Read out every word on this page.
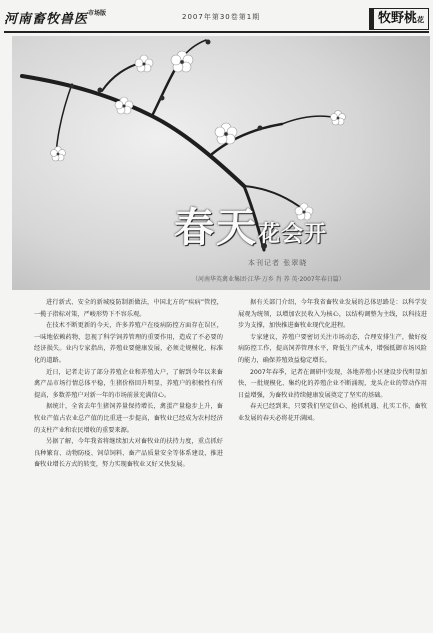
河南畜牧兽医$^{市场版}$	2007年第30卷第1期	牧野桃花
春天花会开
本刊记者 张翠晓
（河南华英禽业集团·江华·万乡 肖 养 英·2007年春日篇）

进行新式、安全的新城疫防制新做法，中国北方的“疾病”管控，一揽子指标对策，严峻形势下不容乐观。

在技术不断更新的今天，许多养殖户在疫病防控方面存在误区，一味地依赖药物，忽视了科学饲养管理的重要作用，造成了不必要的经济损失。业内专家指出，养殖业要健康发展，必须走规模化、标准化的道路。

近日，记者走访了部分养殖企业和养殖大户，了解到今年以来畜禽产品市场行情总体平稳，生猪价格回升明显，养殖户的积极性有所提高，多数养殖户对新一年的市场前景充满信心。

据统计，全省去年生猪饲养量保持增长，禽蛋产量稳步上升，畜牧业产值占农业总产值的比重进一步提高，畜牧业已经成为农村经济的支柱产业和农民增收的重要来源。

另据了解，今年我省将继续加大对畜牧业的扶持力度，重点抓好良种繁育、动物防疫、饲草饲料、畜产品质量安全等体系建设，推进畜牧业增长方式的转变，努力实现畜牧业又好又快发展。

据有关部门介绍，今年我省畜牧业发展的总体思路是：以科学发展观为统领，以增加农民收入为核心，以结构调整为主线，以科技进步为支撑，加快推进畜牧业现代化进程。

专家建议，养殖户要密切关注市场动态，合理安排生产，做好疫病防控工作，提高饲养管理水平，降低生产成本，增强抵御市场风险的能力，确保养殖效益稳定增长。

2007年春季，记者在调研中发现，各地养殖小区建设步伐明显加快，一批规模化、集约化的养殖企业不断涌现，龙头企业的带动作用日益增强，为畜牧业持续健康发展奠定了坚实的基础。

春天已经到来，只要我们坚定信心、抢抓机遇、扎实工作，畜牧业发展的春天必将花开满园。
